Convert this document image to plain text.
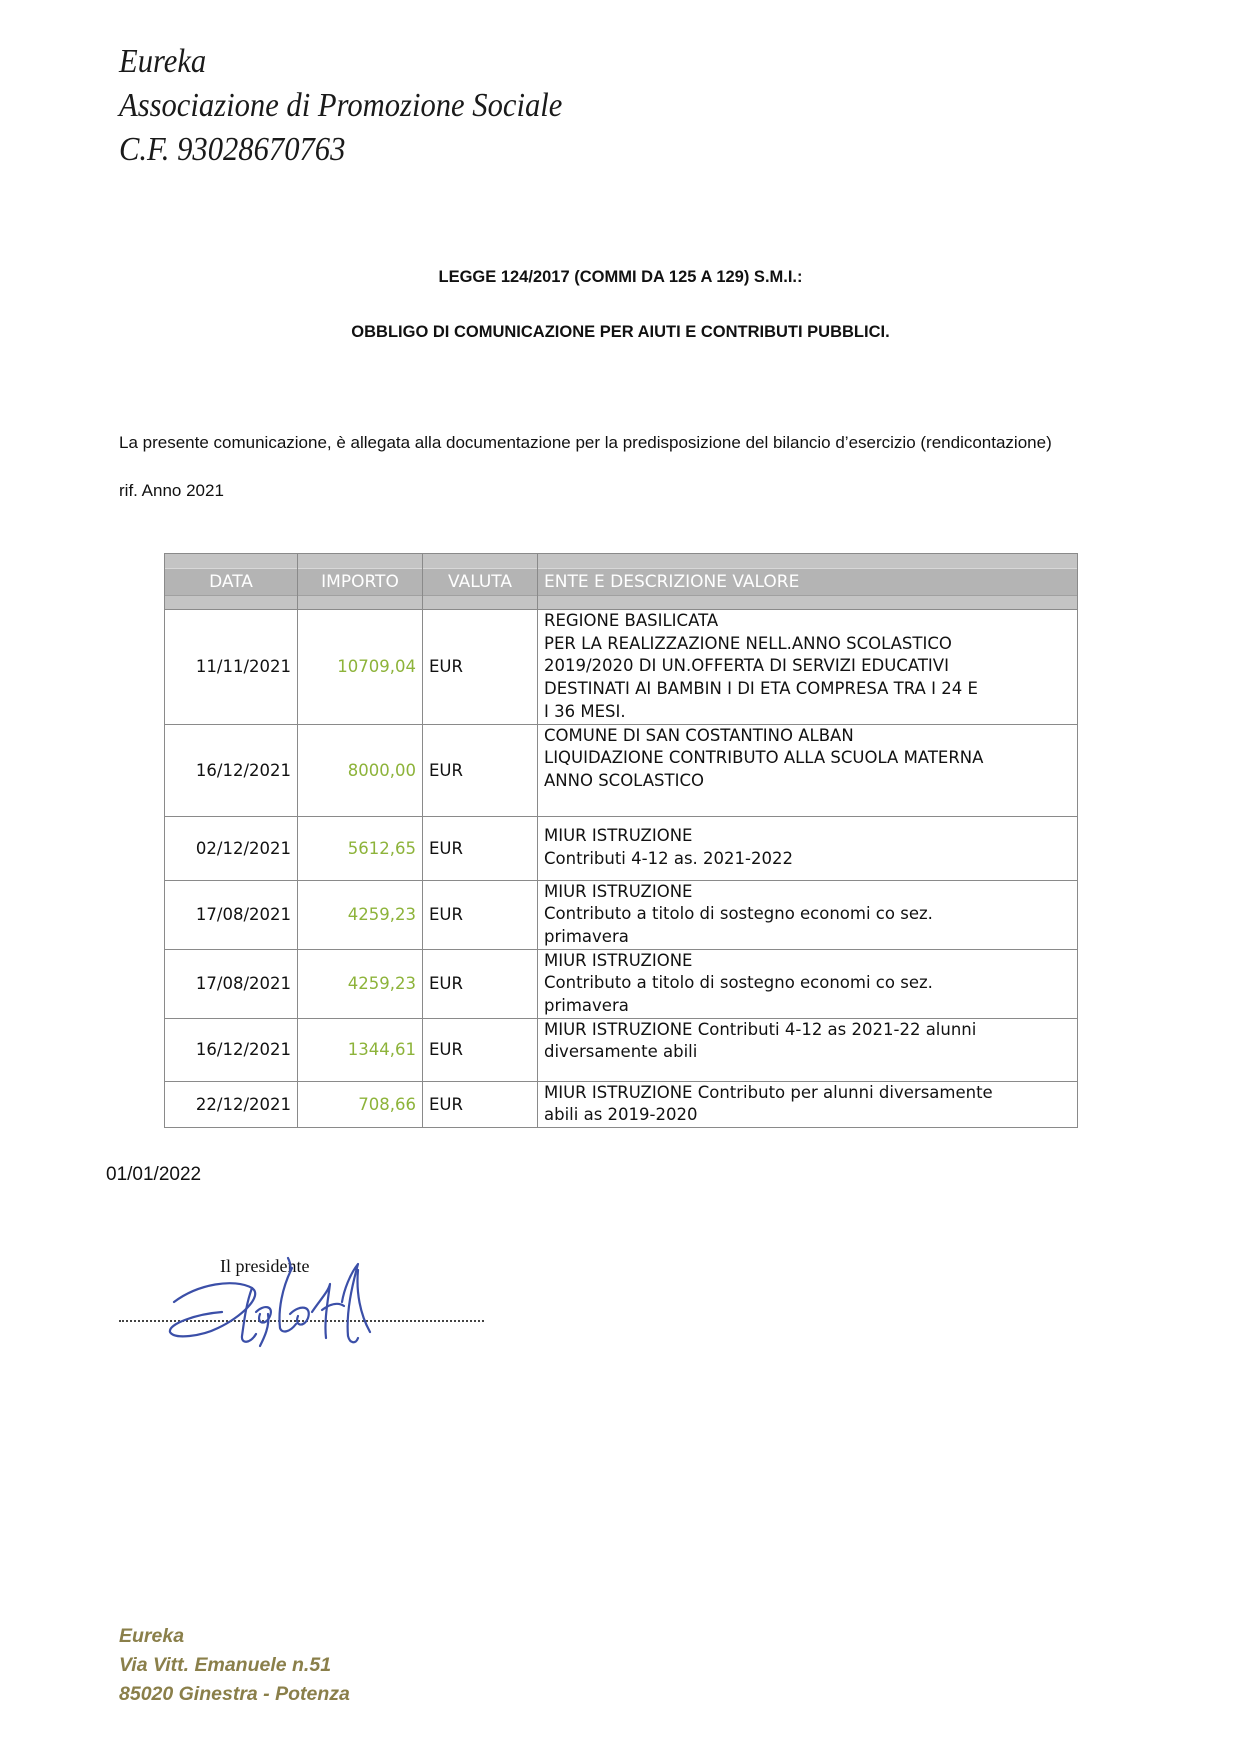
Eureka
Associazione di Promozione Sociale
C.F. 93028670763
LEGGE 124/2017 (COMMI DA 125 A 129) S.M.I.:
OBBLIGO DI COMUNICAZIONE PER AIUTI E CONTRIBUTI PUBBLICI.
La presente comunicazione, è allegata alla documentazione per la predisposizione del bilancio d’esercizio (rendicontazione)
rif. Anno 2021
DATA	IMPORTO	VALUTA	ENTE E DESCRIZIONE VALORE

11/11/2021	10709,04	EUR	REGIONE BASILICATA
PER LA REALIZZAZIONE NELL.ANNO SCOLASTICO
2019/2020 DI UN.OFFERTA DI SERVIZI EDUCATIVI
DESTINATI AI BAMBIN I DI ETA COMPRESA TRA I 24 E
I 36 MESI.

16/12/2021	8000,00	EUR	COMUNE DI SAN COSTANTINO ALBAN
LIQUIDAZIONE CONTRIBUTO ALLA SCUOLA MATERNA
ANNO SCOLASTICO

02/12/2021	5612,65	EUR	MIUR ISTRUZIONE
Contributi 4-12 as. 2021-2022

17/08/2021	4259,23	EUR	MIUR ISTRUZIONE
Contributo a titolo di sostegno economi co sez.
primavera

17/08/2021	4259,23	EUR	MIUR ISTRUZIONE
Contributo a titolo di sostegno economi co sez.
primavera

16/12/2021	1344,61	EUR	MIUR ISTRUZIONE Contributi 4-12 as 2021-22 alunni
diversamente abili

22/12/2021	708,66	EUR	MIUR ISTRUZIONE Contributo per alunni diversamente
abili as 2019-2020
01/01/2022
Il presidente
Eureka
Via Vitt. Emanuele n.51
85020 Ginestra - Potenza
